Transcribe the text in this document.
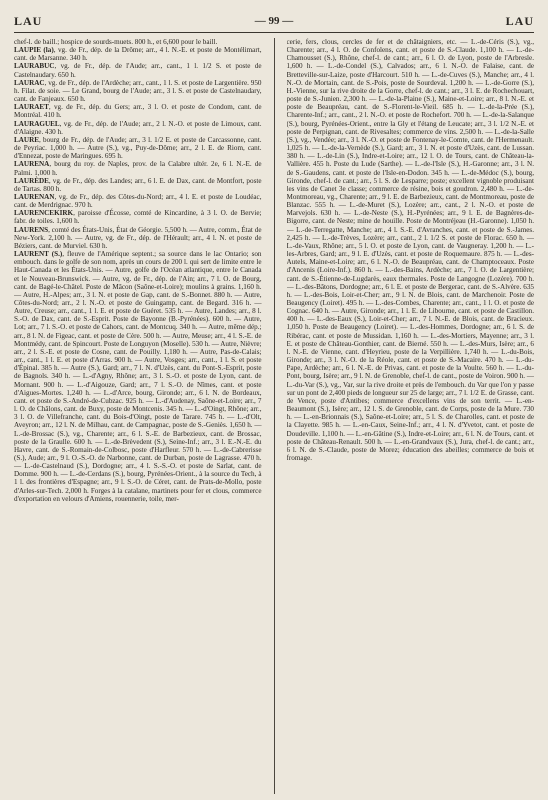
LAU	— 99 —	LAU

chef-l. de baill.; hospice de sourds-muets. 800 h., et 6,600 pour le baill.

LAUPIE (la), vg. de Fr., dép. de la Drôme; arr., 4 l. N.-E. et poste de Montélimart, cant. de Marsanne. 340 h.

LAURABUC, vg. de Fr., dép. de l'Aude; arr., cant., 1 l. 1/2 S. et poste de Castelnaudary. 650 h.

LAURAC, vg. de Fr., dép. de l'Ardèche; arr., cant., 1 l. S. et poste de Largentière. 950 h. Filat. de soie. — Le Grand, bourg de l'Aude; arr., 3 l. S. et poste de Castelnaudary, cant. de Fanjeaux. 650 h.

LAURAET, vg. de Fr., dép. du Gers; arr., 3 l. O. et poste de Condom, cant. de Montréal. 410 h.

LAURAGUEL, vg. de Fr., dép. de l'Aude; arr., 2 l. N.-O. et poste de Limoux, cant. d'Alaigne. 430 h.

LAURE, bourg de Fr., dép. de l'Aude; arr., 3 l. 1/2 E. et poste de Carcassonne, cant. de Peyriac. 1,000 h. — Autre (S.), vg., Puy-de-Dôme; arr., 2 l. E. de Riom, cant. d'Ennezat, poste de Maringues. 695 h.

LAURENA, bourg du roy. de Naples, prov. de la Calabre ultér. 2e, 6 l. N.-E. de Palmi. 1,000 h.

LAURÈDE, vg. de Fr., dép. des Landes; arr., 6 l. E. de Dax, cant. de Montfort, poste de Tartas. 800 h.

LAURENAN, vg. de Fr., dép. des Côtes-du-Nord; arr., 4 l. E. et poste de Loudéac, cant. de Merdrignac. 970 h.

LAURENCEKIRK, paroisse d'Écosse, comté de Kincardine, à 3 l. O. de Bervie; fabr. de toiles. 1,600 h.

LAURENS, comté des États-Unis, État de Géorgie. 5,500 h. — Autre, comm., État de New-York. 2,100 h. — Autre, vg. de Fr., dép. de l'Hérault; arr., 4 l. N. et poste de Béziers, cant. de Murviel. 630 h.

LAURENT (S.), fleuve de l'Amérique septent.; sa source dans le lac Ontario; son embouch. dans le golfe de son nom, après un cours de 200 l. qui sert de limite entre le Haut-Canada et les États-Unis. — Autre, golfe de l'Océan atlantique, entre le Canada et le Nouveau-Brunswick. — Autre, vg. de Fr., dép. de l'Ain; arr., 7 l. O. de Bourg, cant. de Bagé-le-Châtel. Poste de Mâcon (Saône-et-Loire); moulins à grains. 1,160 h. — Autre, H.-Alpes; arr., 3 l. N. et poste de Gap, cant. de S.-Bonnet. 880 h. — Autre, Côtes-du-Nord; arr., 2 l. N.-O. et poste de Guingamp, cant. de Begard. 316 h. — Autre, Creuse; arr., cant., 1 l. E. et poste de Guéret. 535 h. — Autre, Landes; arr., 8 l. S.-O. de Dax, cant. de S.-Esprit. Poste de Bayonne (B.-Pyrénées). 600 h. — Autre, Lot; arr., 7 l. S.-O. et poste de Cahors, cant. de Montcuq. 340 h. — Autre, même dép.; arr., 8 l. N. de Figeac, cant. et poste de Cère. 500 h. — Autre, Meuse; arr., 4 l. S.-E. de Montmédy, cant. de Spincourt. Poste de Longuyon (Moselle). 530 h. — Autre, Nièvre; arr., 2 l. S.-E. et poste de Cosne, cant. de Pouilly. 1,180 h. — Autre, Pas-de-Calais; arr., cant., 1 l. E. et poste d'Arras. 900 h. — Autre, Vosges; arr., cant., 1 l. S. et poste d'Épinal. 385 h. — Autre (S.), Gard; arr., 7 l. N. d'Uzès, cant. du Pont-S.-Esprit, poste de Bagnols. 340 h. — L.-d'Agny, Rhône; arr., 3 l. S.-O. et poste de Lyon, cant. de Mornant. 900 h. — L.-d'Aigouze, Gard; arr., 7 l. S.-O. de Nîmes, cant. et poste d'Aigues-Mortes. 1,240 h. — L.-d'Arce, bourg, Gironde; arr., 6 l. N. de Bordeaux, cant. et poste de S.-André-de-Cubzac. 925 h. — L.-d'Audenay, Saône-et-Loire; arr., 7 l. O. de Châlons, cant. de Buxy, poste de Montcenis. 345 h. — L.-d'Oingt, Rhône; arr., 3 l. O. de Villefranche, cant. du Bois-d'Oingt, poste de Tarare. 745 h. — L.-d'Olt, Aveyron; arr., 12 l. N. de Milhau, cant. de Campagnac, poste de S.-Geniès. 1,650 h. — L.-de-Brossac (S.), vg., Charente; arr., 6 l. S.-E. de Barbezieux, cant. de Brossac, poste de la Graulle. 600 h. — L.-de-Brèvedent (S.), Seine-Inf.; arr., 3 l. E.-N.-E. du Havre, cant. de S.-Romain-de-Colbosc, poste d'Harfleur. 570 h. — L.-de-Cabrerisse (S.), Aude; arr., 9 l. O.-S.-O. de Narbonne, cant. de Durban, poste de Lagrasse. 470 h. — L.-de-Castelnaud (S.), Dordogne; arr., 4 l. S.-S.-O. et poste de Sarlat, cant. de Domme. 900 h. — L.-de-Cerdans (S.), bourg, Pyrénées-Orient., à la source du Tech, à 1 l. des frontières d'Espagne; arr., 9 l. S.-O. de Céret, cant. de Prats-de-Mollo, poste d'Arles-sur-Tech. 2,000 h. Forges à la catalane, martinets pour fer et clous, commerce d'exportation en velours d'Amiens, rouennerie, toile, mer-

cerie, fers, clous, cercles de fer et de châtaigniers, etc. — L.-de-Céris (S.), vg., Charente; arr., 4 l. O. de Confolens, cant. et poste de S.-Claude. 1,100 h. — L.-de-Chamousset (S.), Rhône, chef-l. de cant.; arr., 6 l. O. de Lyon, poste de l'Arbresle. 1,600 h. — L.-de-Condel (S.), Calvados; arr., 6 l. N.-O. de Falaise, cant. de Bretteville-sur-Laize, poste d'Harcourt. 510 h. — L.-de-Cuves (S.), Manche; arr., 4 l. N.-O. de Mortain, cant. de S.-Pois, poste de Sourdeval. 1,200 h. — L.-de-Gorre (S.), H.-Vienne, sur la rive droite de la Gorre, chef-l. de cant.; arr., 3 l. E. de Rochechouart, poste de S.-Junien. 2,300 h. — L.-de-la-Plaine (S.), Maine-et-Loire; arr., 8 l. N.-E. et poste de Beaupréau, cant. de S.-Florent-le-Vieil. 685 h. — L.-de-la-Prée (S.), Charente-Inf.; arr., cant., 2 l. N.-O. et poste de Rochefort. 700 h. — L.-de-la-Salanque (S.), bourg, Pyrénées-Orient., entre la Gly et l'étang de Leucate; arr., 3 l. 1/2 N.-E. et poste de Perpignan, cant. de Rivesaltes; commerce de vins. 2,500 h. — L.-de-la-Salle (S.), vg., Vendée; arr., 3 l. N.-O. et poste de Fontenay-le-Comte, cant. de l'Hermenault. 1,025 h. — L.-de-la-Vernède (S.), Gard; arr., 3 l. N. et poste d'Uzès, cant. de Lussan. 380 h. — L.-de-Lin (S.), Indre-et-Loire; arr., 12 l. O. de Tours, cant. de Château-la-Vallière. 455 h. Poste du Lude (Sarthe). — L.-de-l'Isle (S.), H.-Garonne; arr., 3 l. N. de S.-Gaudens, cant. et poste de l'Isle-en-Dodon. 345 h. — L.-de-Médoc (S.), bourg, Gironde, chef-l. de cant.; arr., 5 l. S. de Lesparre; poste; excellent vignoble produisant les vins de Canet 3e classe; commerce de résine, bois et goudron. 2,480 h. — L.-de-Montmoreau, vg., Charente; arr., 9 l. E. de Barbezieux, cant. de Montmoreau, poste de Blanzac. 555 h. — L.-de-Muret (S.), Lozère; arr., cant., 2 l. N.-O. et poste de Marvejols. 630 h. — L.-de-Neste (S.), H.-Pyrénées; arr., 9 l. E. de Bagnères-de-Bigorre, cant. de Neste; mine de houille. Poste de Montréjeau (H.-Garonne). 1,050 h. — L.-de-Terregatte, Manche; arr., 4 l. S.-E. d'Avranches, cant. et poste de S.-James. 2,425 h. — L.-de-Trèves, Lozère; arr., cant., 2 l. 1/2 S. et poste de Florac. 650 h. — L.-de-Vaux, Rhône; arr., 5 l. O. et poste de Lyon, cant. de Vaugneray. 1,200 h. — L.-les-Arbres, Gard; arr., 9 l. E. d'Uzès, cant. et poste de Roquemaure. 875 h. — L.-des-Autels, Maine-et-Loire; arr., 6 l. N.-O. de Beaupréau, cant. de Champtoceaux. Poste d'Ancenis (Loire-Inf.). 860 h. — L.-des-Bains, Ardèche; arr., 7 l. O. de Largentière; cant. de S.-Étienne-de-Lugdarès, eaux thermales. Poste de Langogne (Lozère). 700 h. — L.-des-Bâtons, Dordogne; arr., 6 l. E. et poste de Bergerac, cant. de S.-Alvère. 635 h. — L.-des-Bois, Loir-et-Cher; arr., 9 l. N. de Blois, cant. de Marchenoir. Poste de Beaugency (Loiret). 495 h. — L.-des-Combes, Charente; arr., cant., 1 l. O. et poste de Cognac. 640 h. — Autre, Gironde; arr., 1 l. E. de Libourne, cant. et poste de Castillon. 400 h. — L.-des-Eaux (S.), Loir-et-Cher; arr., 7 l. N.-E. de Blois, cant. de Bracieux. 1,050 h. Poste de Beaugency (Loiret). — L.-des-Hommes, Dordogne; arr., 6 l. S. de Ribérac, cant. et poste de Mussidan. 1,160 h. — L.-des-Mortiers, Mayenne; arr., 3 l. E. et poste de Château-Gonthier, cant. de Bierné. 550 h. — L.-des-Murs, Isère; arr., 6 l. N.-E. de Vienne, cant. d'Heyrieu, poste de la Verpillière. 1,740 h. — L.-du-Bois, Gironde; arr., 3 l. N.-O. de la Réole, cant. et poste de S.-Macaire. 470 h. — L.-du-Pape, Ardèche; arr., 6 l. N.-E. de Privas, cant. et poste de la Voulte. 560 h. — L.-du-Pont, bourg, Isère; arr., 9 l. N. de Grenoble, chef-l. de cant., poste de Voiron. 900 h. — L.-du-Var (S.), vg., Var, sur la rive droite et près de l'embouch. du Var que l'on y passe sur un pont de 2,400 pieds de longueur sur 25 de large; arr., 7 l. 1/2 E. de Grasse, cant. de Vence, poste d'Antibes; commerce d'excellens vins de son territ. — L.-en-Beaumont (S.), Isère; arr., 12 l. S. de Grenoble, cant. de Corps, poste de la Mure. 730 h. — L.-en-Brionnais (S.), Saône-et-Loire; arr., 5 l. S. de Charolles, cant. et poste de la Clayette. 985 h. — L.-en-Caux, Seine-Inf.; arr., 4 l. N. d'Yvetot, cant. et poste de Doudeville. 1,100 h. — L.-en-Gâtine (S.), Indre-et-Loire; arr., 6 l. N. de Tours, cant. et poste de Château-Renault. 500 h. — L.-en-Grandvaux (S.), Jura, chef-l. de cant.; arr., 6 l. N. de S.-Claude, poste de Morez; éducation des abeilles; commerce de bois et fromage.
